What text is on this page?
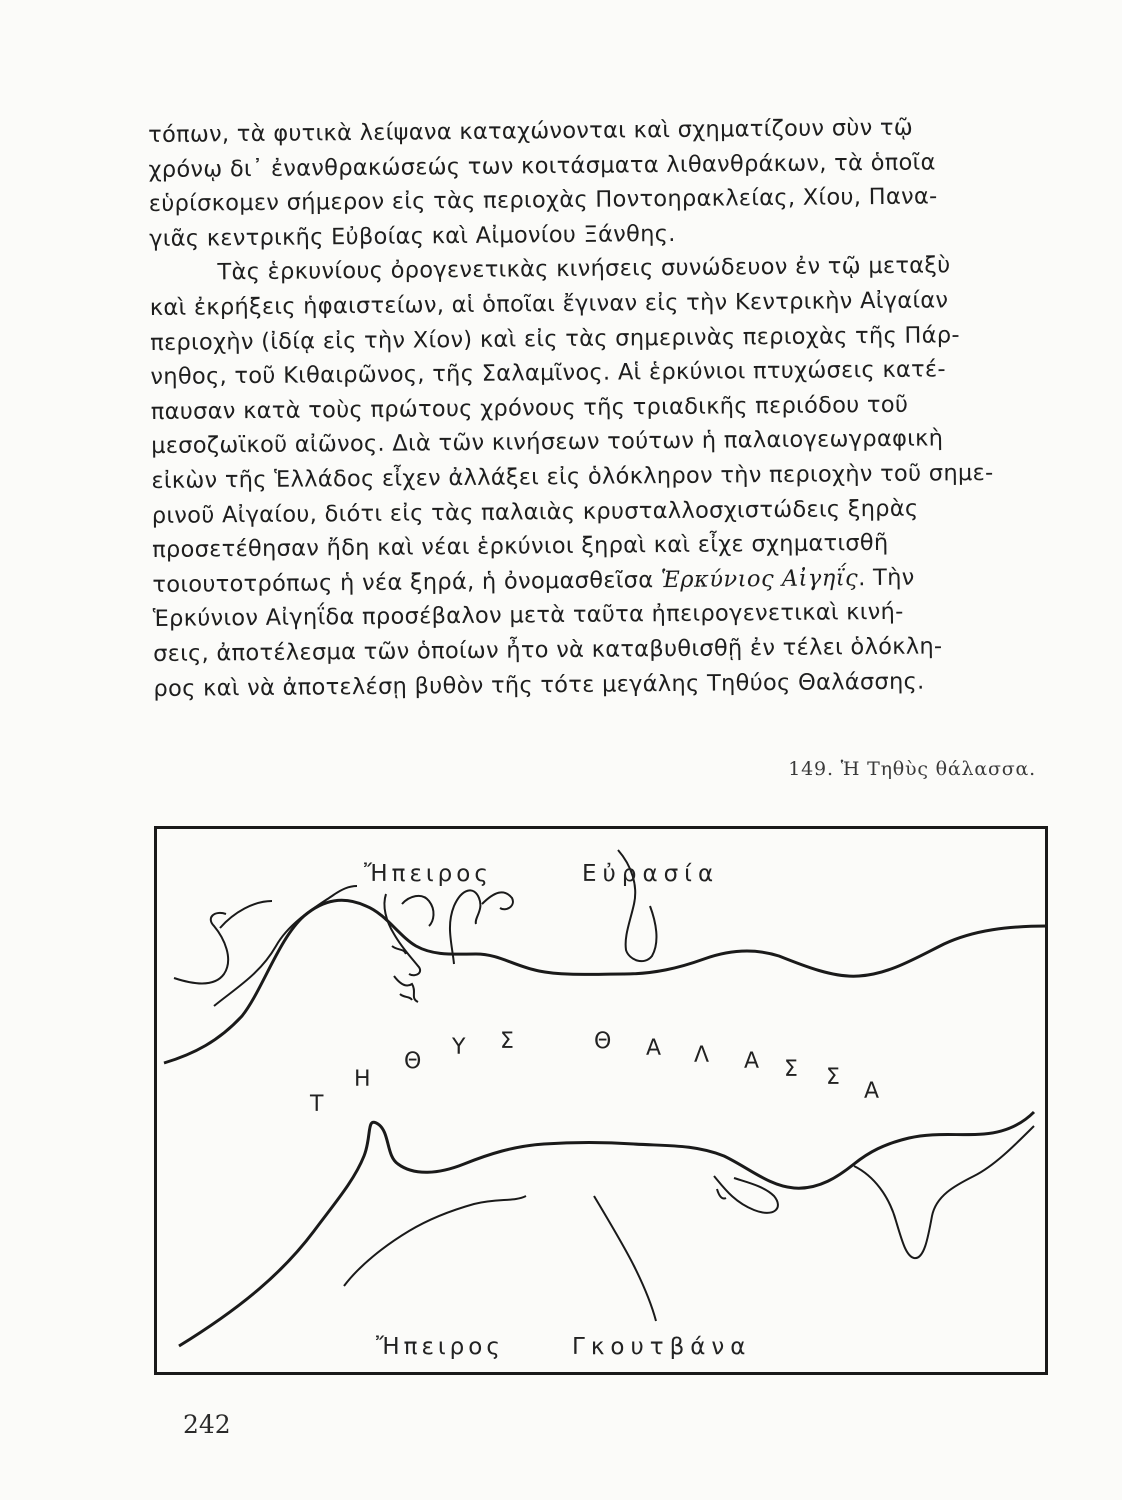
τόπων, τὰ φυτικὰ λείψανα καταχώνονται καὶ σχηματίζουν σὺν τῷ
χρόνῳ δι᾽ ἐνανθρακώσεώς των κοιτάσματα λιθανθράκων, τὰ ὁποῖα
εὑρίσκομεν σήμερον εἰς τὰς περιοχὰς Ποντοηρακλείας, Χίου, Πανα-
γιᾶς κεντρικῆς Εὐβοίας καὶ Αἰμονίου Ξάνθης.
Τὰς ἑρκυνίους ὀρογενετικὰς κινήσεις συνώδευον ἐν τῷ μεταξὺ
καὶ ἐκρήξεις ἡφαιστείων, αἱ ὁποῖαι ἔγιναν εἰς τὴν Κεντρικὴν Αἰγαίαν
περιοχὴν (ἰδίᾳ εἰς τὴν Χίον) καὶ εἰς τὰς σημερινὰς περιοχὰς τῆς Πάρ-
νηθος, τοῦ Κιθαιρῶνος, τῆς Σαλαμῖνος. Αἱ ἑρκύνιοι πτυχώσεις κατέ-
παυσαν κατὰ τοὺς πρώτους χρόνους τῆς τριαδικῆς περιόδου τοῦ
μεσοζωϊκοῦ αἰῶνος. Διὰ τῶν κινήσεων τούτων ἡ παλαιογεωγραφικὴ
εἰκὼν τῆς Ἑλλάδος εἶχεν ἀλλάξει εἰς ὁλόκληρον τὴν περιοχὴν τοῦ σημε-
ρινοῦ Αἰγαίου, διότι εἰς τὰς παλαιὰς κρυσταλλοσχιστώδεις ξηρὰς
προσετέθησαν ἤδη καὶ νέαι ἑρκύνιοι ξηραὶ καὶ εἶχε σχηματισθῆ
τοιουτοτρόπως ἡ νέα ξηρά, ἡ ὀνομασθεῖσα Ἑρκύνιος Αἰγηΐς. Τὴν
Ἑρκύνιον Αἰγηΐδα προσέβαλον μετὰ ταῦτα ἠπειρογενετικαὶ κινή-
σεις, ἀποτέλεσμα τῶν ὁποίων ἦτο νὰ καταβυθισθῇ ἐν τέλει ὁλόκλη-
ρος καὶ νὰ ἀποτελέσῃ βυθὸν τῆς τότε μεγάλης Τηθύος Θαλάσσης.
149. Ἡ Τηθὺς θάλασσα.
Ἤπειρος	Εὐρασία
Ἤπειρος	Γκουτβάνα
Τ
Η
Θ
Υ Σ	Θ Α Λ Α Σ Σ
Α
242
